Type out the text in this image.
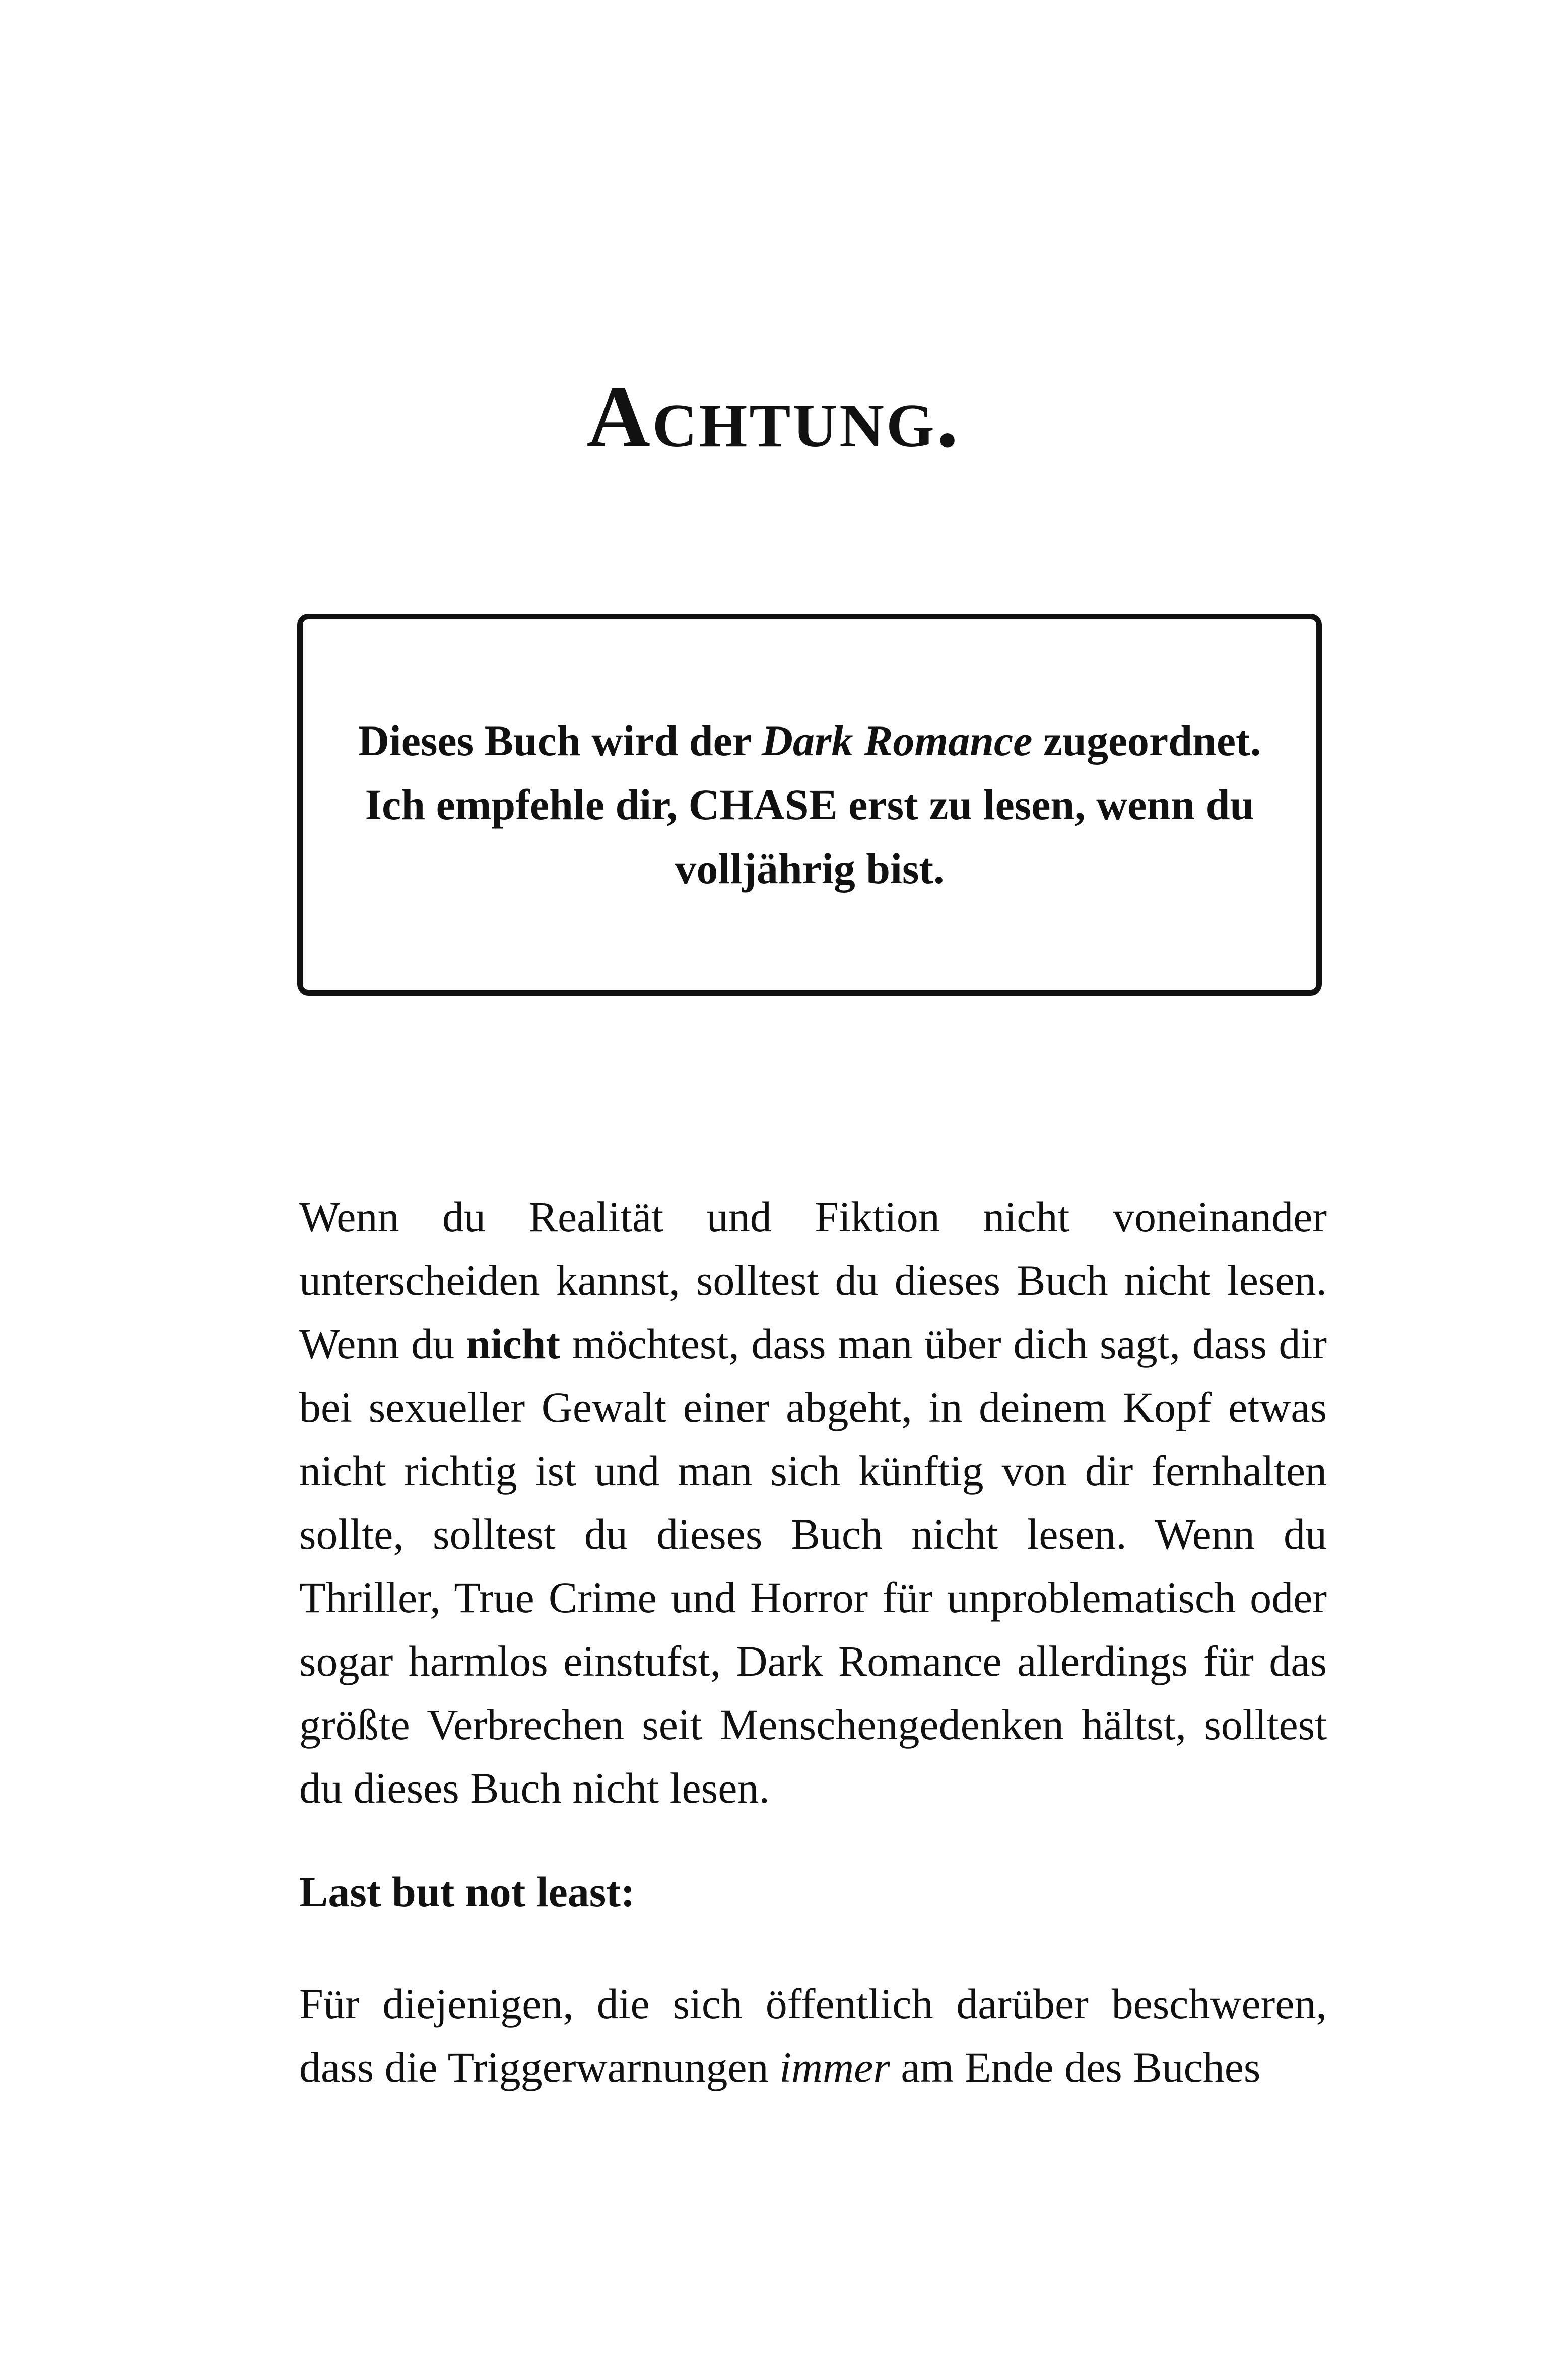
Achtung.

Dieses Buch wird der Dark Romance zugeordnet. Ich empfehle dir, CHASE erst zu lesen, wenn du volljährig bist.

Wenn du Realität und Fiktion nicht voneinander unterscheiden kannst, solltest du dieses Buch nicht lesen. Wenn du nicht möchtest, dass man über dich sagt, dass dir bei sexueller Gewalt einer abgeht, in deinem Kopf etwas nicht richtig ist und man sich künftig von dir fernhalten sollte, solltest du dieses Buch nicht lesen. Wenn du Thriller, True Crime und Horror für unproblematisch oder sogar harmlos einstufst, Dark Romance allerdings für das größte Verbrechen seit Menschengedenken hältst, solltest du dieses Buch nicht lesen.

Last but not least:

Für diejenigen, die sich öffentlich darüber beschweren, dass die Triggerwarnungen immer am Ende des Buches
